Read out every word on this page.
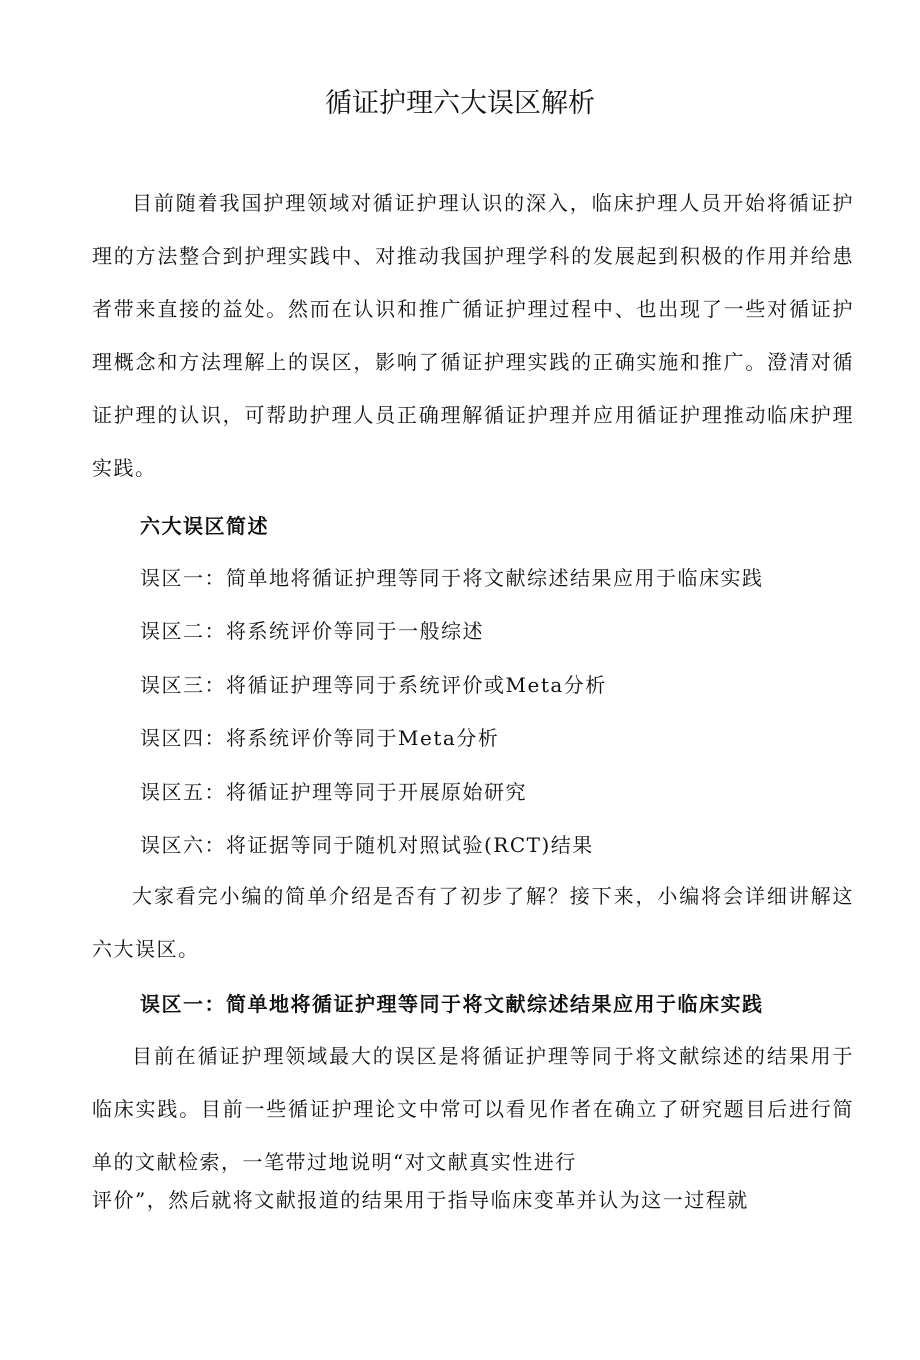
循证护理六大误区解析

目前随着我国护理领域对循证护理认识的深入，临床护理人员开始将循证护理的方法整合到护理实践中、对推动我国护理学科的发展起到积极的作用并给患者带来直接的益处。然而在认识和推广循证护理过程中、也出现了一些对循证护理概念和方法理解上的误区，影响了循证护理实践的正确实施和推广。澄清对循证护理的认识，可帮助护理人员正确理解循证护理并应用循证护理推动临床护理实践。

六大误区简述
误区一：简单地将循证护理等同于将文献综述结果应用于临床实践
误区二：将系统评价等同于一般综述
误区三：将循证护理等同于系统评价或Meta分析
误区四：将系统评价等同于Meta分析
误区五：将循证护理等同于开展原始研究
误区六：将证据等同于随机对照试验(RCT)结果

大家看完小编的简单介绍是否有了初步了解？接下来，小编将会详细讲解这六大误区。

误区一：简单地将循证护理等同于将文献综述结果应用于临床实践

目前在循证护理领域最大的误区是将循证护理等同于将文献综述的结果用于临床实践。目前一些循证护理论文中常可以看见作者在确立了研究题目后进行简单的文献检索，一笔带过地说明“对文献真实性进行

评价”，然后就将文献报道的结果用于指导临床变革并认为这一过程就
